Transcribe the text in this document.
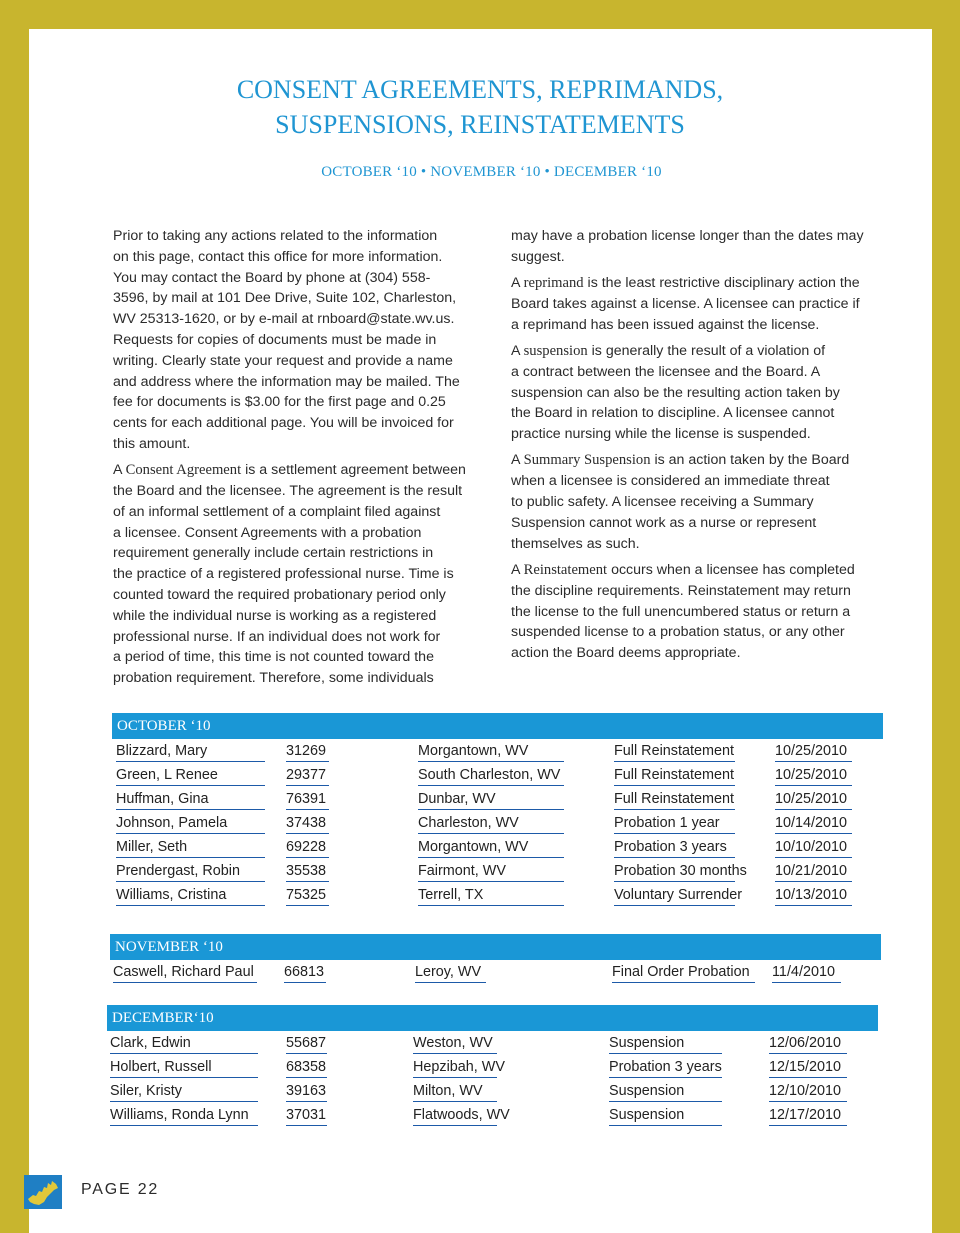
CONSENT AGREEMENTS, REPRIMANDS,
SUSPENSIONS, REINSTATEMENTS
OCTOBER ‘10 • NOVEMBER ‘10 • DECEMBER ‘10

Prior to taking any actions related to the information
on this page, contact this office for more information.
You may contact the Board by phone at (304) 558-
3596, by mail at 101 Dee Drive, Suite 102, Charleston,
WV 25313-1620, or by e-mail at rnboard@state.wv.us.
Requests for copies of documents must be made in
writing. Clearly state your request and provide a name
and address where the information may be mailed. The
fee for documents is $3.00 for the first page and 0.25
cents for each additional page. You will be invoiced for
this amount.

A Consent Agreement is a settlement agreement between
the Board and the licensee. The agreement is the result
of an informal settlement of a complaint filed against
a licensee. Consent Agreements with a probation
requirement generally include certain restrictions in
the practice of a registered professional nurse. Time is
counted toward the required probationary period only
while the individual nurse is working as a registered
professional nurse. If an individual does not work for
a period of time, this time is not counted toward the
probation requirement. Therefore, some individuals

may have a probation license longer than the dates may
suggest.

A reprimand is the least restrictive disciplinary action the
Board takes against a license. A licensee can practice if
a reprimand has been issued against the license.

A suspension is generally the result of a violation of
a contract between the licensee and the Board. A
suspension can also be the resulting action taken by
the Board in relation to discipline. A licensee cannot
practice nursing while the license is suspended.

A Summary Suspension is an action taken by the Board
when a licensee is considered an immediate threat
to public safety. A licensee receiving a Summary
Suspension cannot work as a nurse or represent
themselves as such.

A Reinstatement occurs when a licensee has completed
the discipline requirements. Reinstatement may return
the license to the full unencumbered status or return a
suspended license to a probation status, or any other
action the Board deems appropriate.

OCTOBER ‘10
Blizzard, Mary	31269	Morgantown, WV	Full Reinstatement	10/25/2010
Green, L Renee	29377	South Charleston, WV	Full Reinstatement	10/25/2010
Huffman, Gina	76391	Dunbar, WV	Full Reinstatement	10/25/2010
Johnson, Pamela	37438	Charleston, WV	Probation 1 year	10/14/2010
Miller, Seth	69228	Morgantown, WV	Probation 3 years	10/10/2010
Prendergast, Robin	35538	Fairmont, WV	Probation 30 months 10/21/2010
Williams, Cristina	75325	Terrell, TX	Voluntary Surrender 10/13/2010
NOVEMBER ‘10
Caswell, Richard Paul 66813	Leroy, WV	Final Order Probation	11/4/2010
DECEMBER‘10
Clark, Edwin	55687	Weston, WV	Suspension	12/06/2010
Holbert, Russell	68358	Hepzibah, WV	Probation 3 years	12/15/2010
Siler, Kristy	39163	Milton, WV	Suspension	12/10/2010
Williams, Ronda Lynn	37031	Flatwoods, WV	Suspension	12/17/2010
PAGE 22
